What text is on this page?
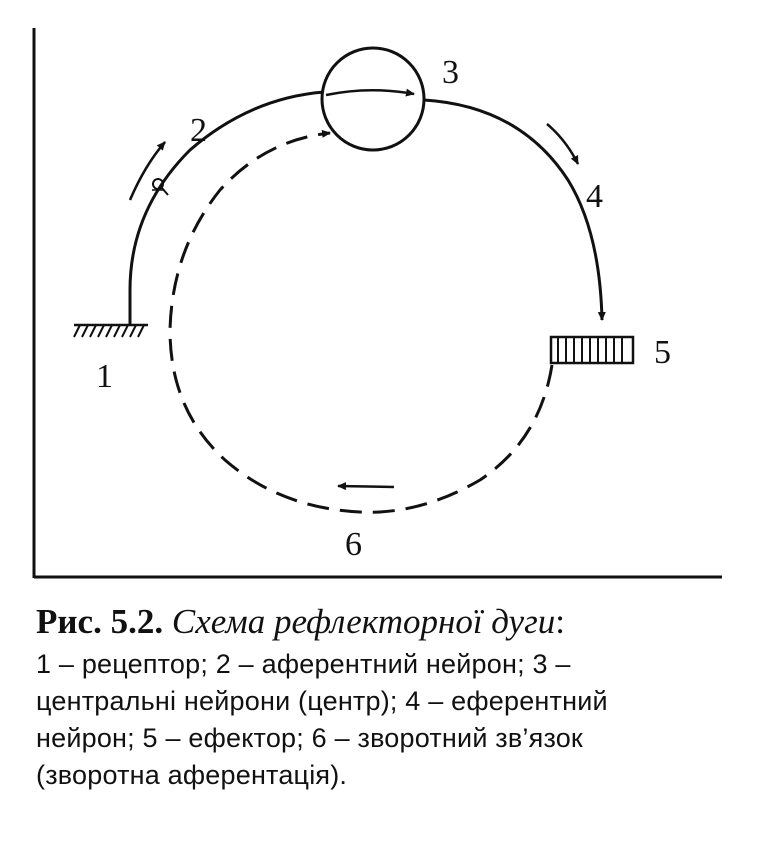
1
2
3
4
5
6
Рис. 5.2. Схема рефлекторної дуги:
1 – рецептор; 2 – аферентний нейрон; 3 –
центральні нейрони (центр); 4 – еферентний
нейрон; 5 – ефектор; 6 – зворотний зв’язок
(зворотна аферентація).
